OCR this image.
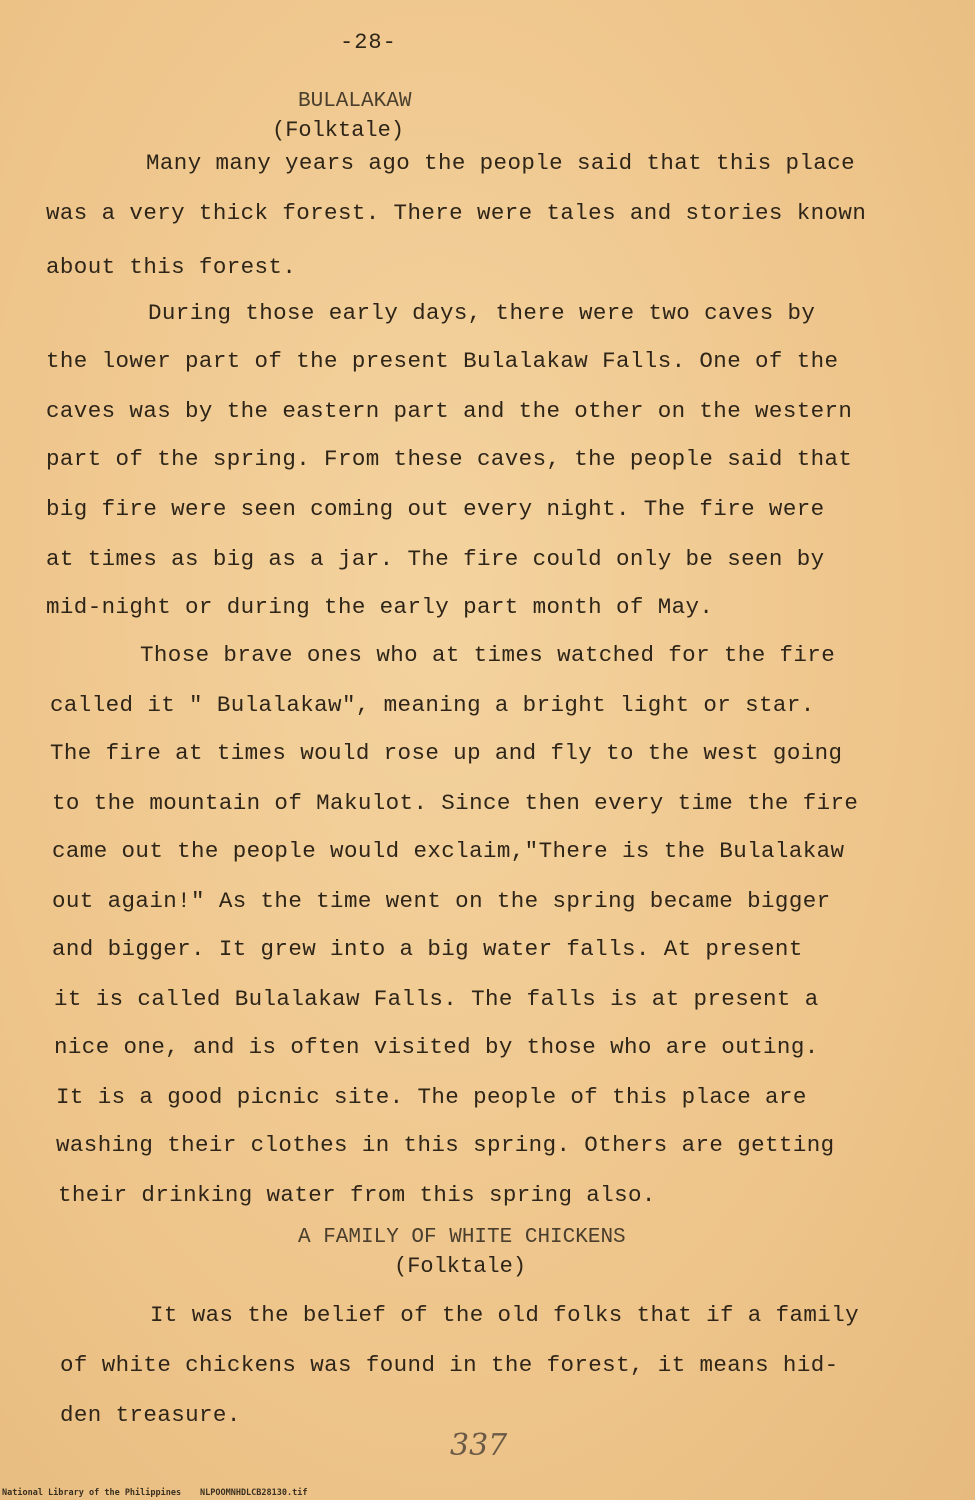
-28-
BULALAKAW
(Folktale)
Many many years ago the people said that this place
was a very thick forest. There were tales and stories known
about this forest.
During those early days, there were two caves by
the lower part of the present Bulalakaw Falls. One of the
caves was by the eastern part and the other on the western
part of the spring. From these caves, the people said that
big fire were seen coming out every night. The fire were
at times as big as a jar. The fire could only be seen by
mid-night or during the early part month of May.
Those brave ones who at times watched for the fire
called it " Bulalakaw", meaning a bright light or star.
The fire at times would rose up and fly to the west going
to the mountain of Makulot. Since then every time the fire
came out the people would exclaim,"There is the Bulalakaw
out again!" As the time went on the spring became bigger
and bigger. It grew into a big water falls. At present
it is called Bulalakaw Falls. The falls is at present a
nice one, and is often visited by those who are outing.
It is a good picnic site. The people of this place are
washing their clothes in this spring. Others are getting
their drinking water from this spring also.
A FAMILY OF WHITE CHICKENS
(Folktale)
It was the belief of the old folks that if a family
of white chickens was found in the forest, it means hid-
den treasure.
337
National Library of the Philippines NLPOOMNHDLCB28130.tif
